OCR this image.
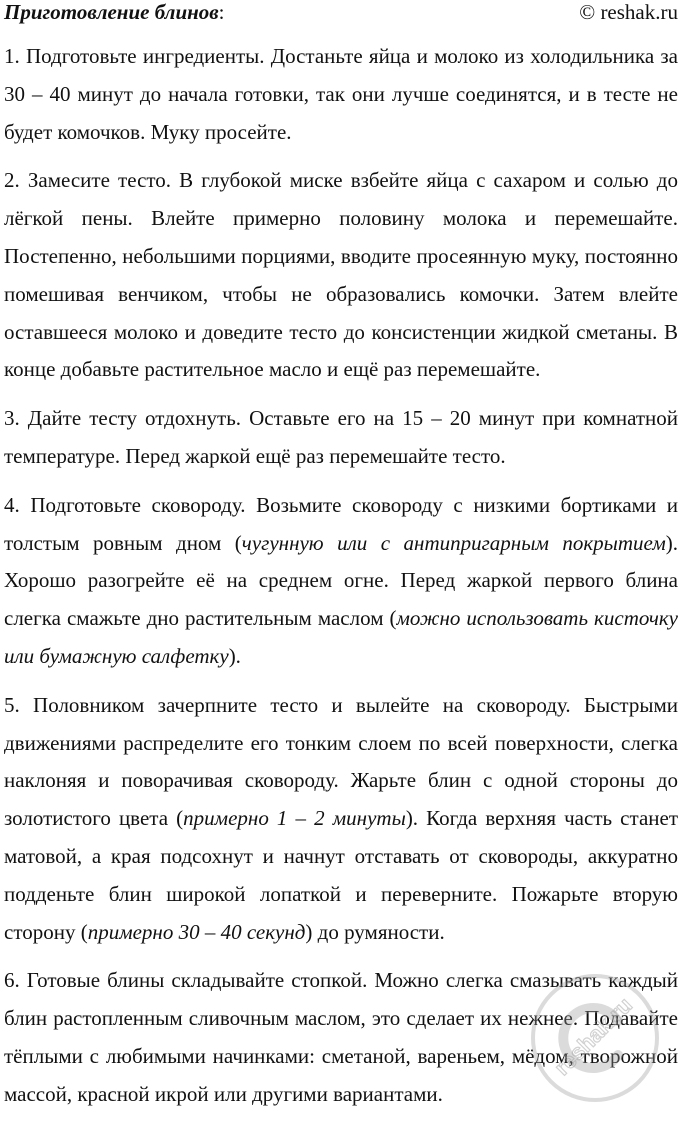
Приготовление блинов:	© reshak.ru

1. Подготовьте ингредиенты. Достаньте яйца и молоко из холодильника за 30 – 40 минут до начала готовки, так они лучше соединятся, и в тесте не будет комочков. Муку просейте.

2. Замесите тесто. В глубокой миске взбейте яйца с сахаром и солью до лёгкой пены. Влейте примерно половину молока и перемешайте. Постепенно, небольшими порциями, вводите просеянную муку, постоянно помешивая венчиком, чтобы не образовались комочки. Затем влейте оставшееся молоко и доведите тесто до консистенции жидкой сметаны. В конце добавьте растительное масло и ещё раз перемешайте.

3. Дайте тесту отдохнуть. Оставьте его на 15 – 20 минут при комнатной температуре. Перед жаркой ещё раз перемешайте тесто.

4. Подготовьте сковороду. Возьмите сковороду с низкими бортиками и толстым ровным дном (чугунную или с антипригарным покрытием). Хорошо разогрейте её на среднем огне. Перед жаркой первого блина слегка смажьте дно растительным маслом (можно использовать кисточку или бумажную салфетку).

5. Половником зачерпните тесто и вылейте на сковороду. Быстрыми движениями распределите его тонким слоем по всей поверхности, слегка наклоняя и поворачивая сковороду. Жарьте блин с одной стороны до золотистого цвета (примерно 1 – 2 минуты). Когда верхняя часть станет матовой, а края подсохнут и начнут отставать от сковороды, аккуратно подденьте блин широкой лопаткой и переверните. Пожарьте вторую сторону (примерно 30 – 40 секунд) до румяности.

6. Готовые блины складывайте стопкой. Можно слегка смазывать каждый блин растопленным сливочным маслом, это сделает их нежнее. Подавайте тёплыми с любимыми начинками: сметаной, вареньем, мёдом, творожной массой, красной икрой или другими вариантами.

reshak.ru
